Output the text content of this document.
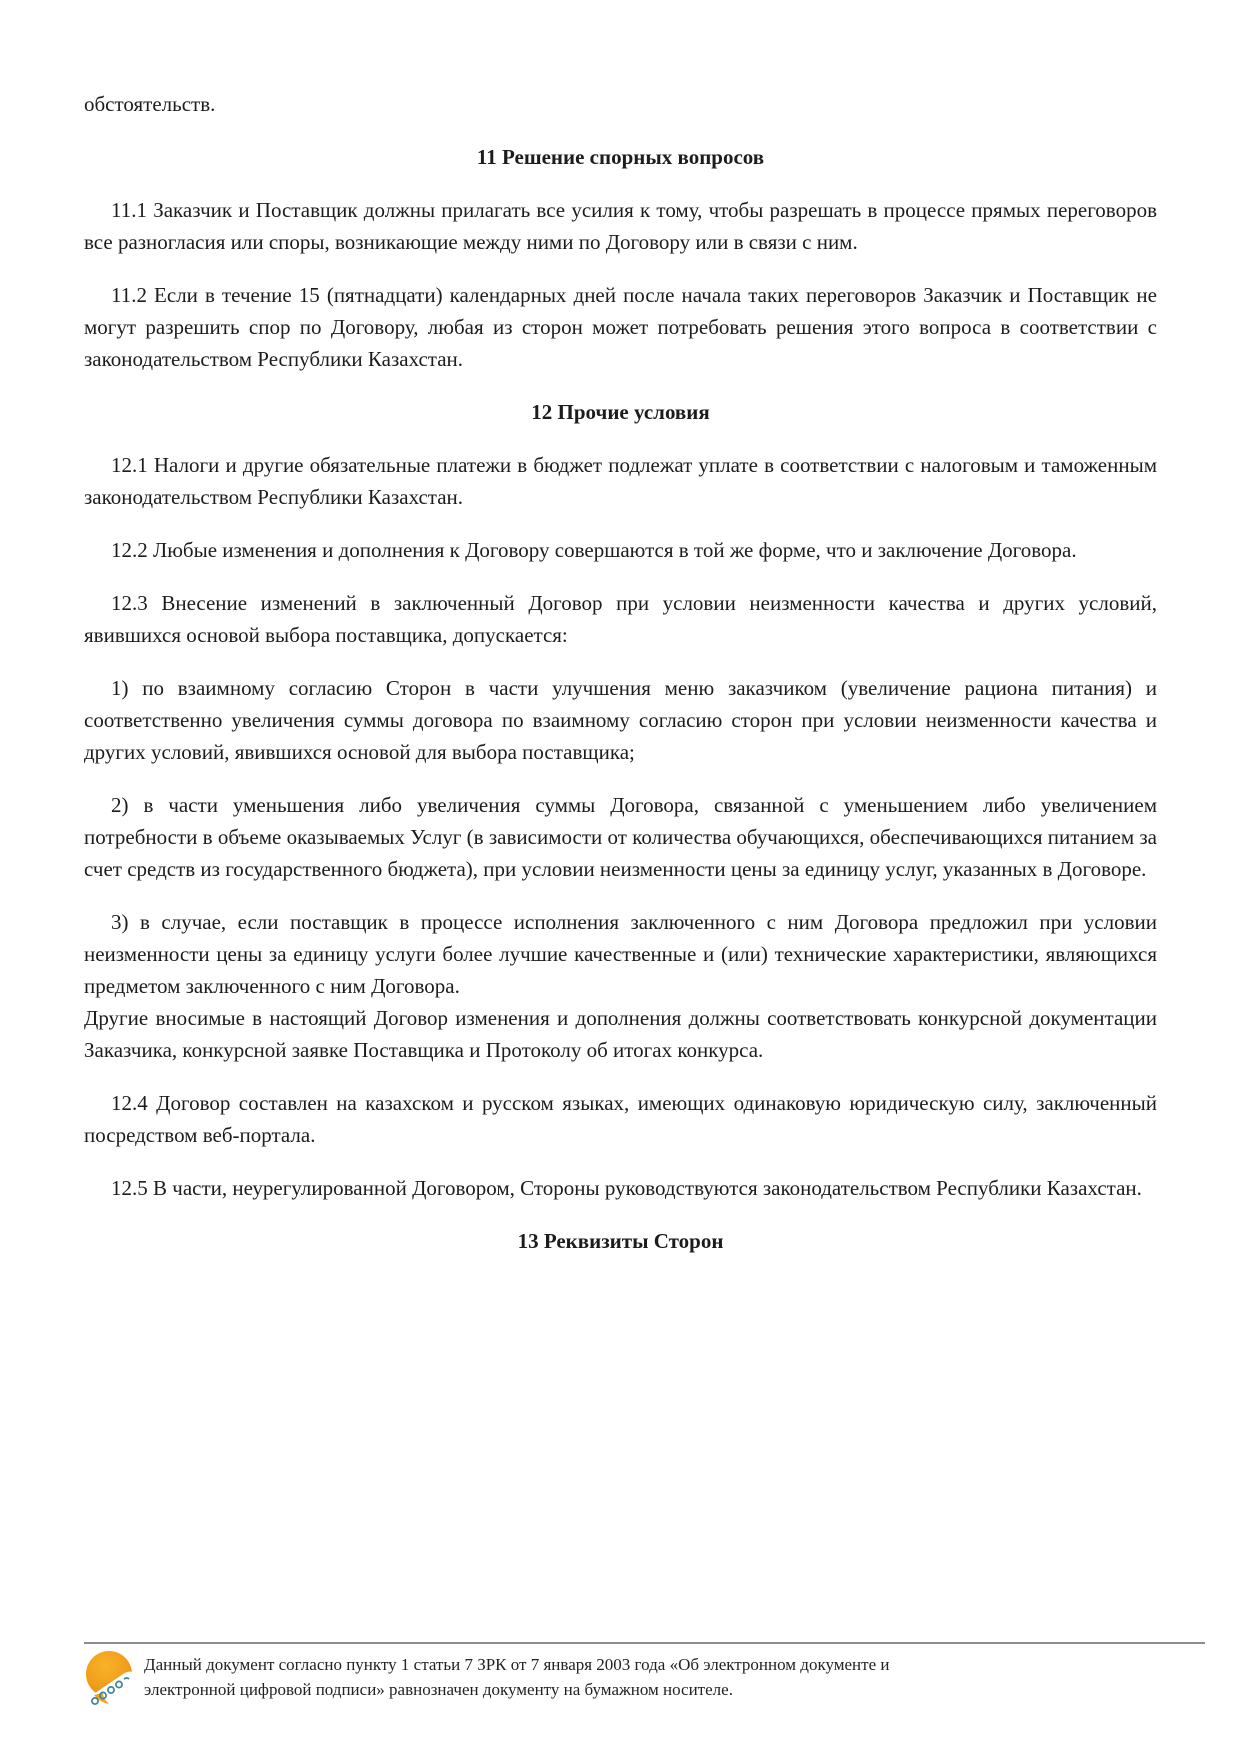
обстоятельств.

11 Решение спорных вопросов

11.1 Заказчик и Поставщик должны прилагать все усилия к тому, чтобы разрешать в процессе прямых переговоров все разногласия или споры, возникающие между ними по Договору или в связи с ним.

11.2 Если в течение 15 (пятнадцати) календарных дней после начала таких переговоров Заказчик и Поставщик не могут разрешить спор по Договору, любая из сторон может потребовать решения этого вопроса в соответствии с законодательством Республики Казахстан.

12 Прочие условия

12.1 Налоги и другие обязательные платежи в бюджет подлежат уплате в соответствии с налоговым и таможенным законодательством Республики Казахстан.

12.2 Любые изменения и дополнения к Договору совершаются в той же форме, что и заключение Договора.

12.3 Внесение изменений в заключенный Договор при условии неизменности качества и других условий, явившихся основой выбора поставщика, допускается:

1) по взаимному согласию Сторон в части улучшения меню заказчиком (увеличение рациона питания) и соответственно увеличения суммы договора по взаимному согласию сторон при условии неизменности качества и других условий, явившихся основой для выбора поставщика;

2) в части уменьшения либо увеличения суммы Договора, связанной с уменьшением либо увеличением потребности в объеме оказываемых Услуг (в зависимости от количества обучающихся, обеспечивающихся питанием за счет средств из государственного бюджета), при условии неизменности цены за единицу услуг, указанных в Договоре.

3) в случае, если поставщик в процессе исполнения заключенного с ним Договора предложил при условии неизменности цены за единицу услуги более лучшие качественные и (или) технические характеристики, являющихся предметом заключенного с ним Договора.

Другие вносимые в настоящий Договор изменения и дополнения должны соответствовать конкурсной документации Заказчика, конкурсной заявке Поставщика и Протоколу об итогах конкурса.

12.4 Договор составлен на казахском и русском языках, имеющих одинаковую юридическую силу, заключенный посредством веб-портала.

12.5 В части, неурегулированной Договором, Стороны руководствуются законодательством Республики Казахстан.

13 Реквизиты Сторон

Данный документ согласно пункту 1 статьи 7 ЗРК от 7 января 2003 года «Об электронном документе и электронной цифровой подписи» равнозначен документу на бумажном носителе.
